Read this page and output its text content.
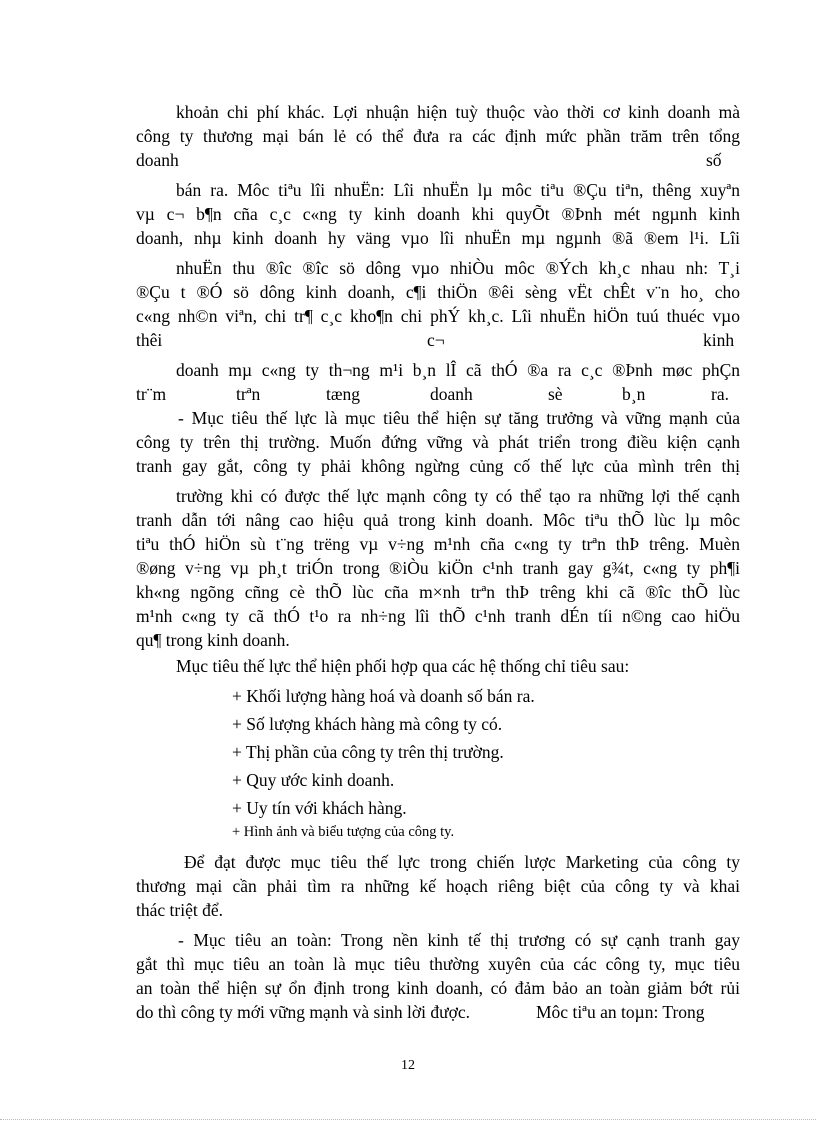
khoản chi phí khác. Lợi nhuận hiện tuỳ thuộc vào thời cơ kinh doanh mà
công ty thương mại bán lẻ có thể đưa ra các định mức phần trăm trên tổng
doanh	số
bán ra. Môc tiªu lîi nhuËn: Lîi nhuËn lµ môc tiªu ®Çu tiªn, thêng xuyªn
vµ c¬ b¶n cña c¸c c«ng ty kinh doanh khi quyÕt ®Þnh mét ngµnh kinh
doanh, nhµ kinh doanh hy väng vµo lîi nhuËn mµ ngµnh ®ã ®em l¹i. Lîi
nhuËn thu ®îc ®îc sö dông vµo nhiÒu môc ®Ých kh¸c nhau nh: T¸i
®Çu t ®Ó sö dông kinh doanh, c¶i thiÖn ®êi sèng vËt chÊt v¨n ho¸ cho
c«ng nh©n viªn, chi tr¶ c¸c kho¶n chi phÝ kh¸c. Lîi nhuËn hiÖn tuú thuéc vµo
thêi	c¬	kinh
doanh mµ c«ng ty th¬ng m¹i b¸n lÎ cã thÓ ®a ra c¸c ®Þnh møc phÇn
tr¨m	trªn	tæng	doanh	sè	b¸n	ra.
- Mục tiêu thế lực là mục tiêu thể hiện sự tăng trưởng và vững mạnh của
công ty trên thị trường. Muốn đứng vững và phát triển trong điều kiện cạnh
tranh gay gắt, công ty phải không ngừng củng cố thế lực của mình trên thị
trường khi có được thế lực mạnh công ty có thể tạo ra những lợi thế cạnh
tranh dẫn tới nâng cao hiệu quả trong kinh doanh. Môc tiªu thÕ lùc lµ môc
tiªu thÓ hiÖn sù t¨ng trëng vµ v÷ng m¹nh cña c«ng ty trªn thÞ trêng. Muèn
®øng v÷ng vµ ph¸t triÓn trong ®iÒu kiÖn c¹nh tranh gay g¾t, c«ng ty ph¶i
kh«ng ngõng cñng cè thÕ lùc cña m×nh trªn thÞ trêng khi cã ®îc thÕ lùc
m¹nh c«ng ty cã thÓ t¹o ra nh÷ng lîi thÕ c¹nh tranh dÉn tíi n©ng cao hiÖu
qu¶ trong kinh doanh.
Mục tiêu thế lực thể hiện phối hợp qua các hệ thống chỉ tiêu sau:
+ Khối lượng hàng hoá và doanh số bán ra.
+ Số lượng khách hàng mà công ty có.
+ Thị phần của công ty trên thị trường.
+ Quy ước kinh doanh.
+ Uy tín với khách hàng.
+ Hình ảnh và biểu tượng của công ty.
Để đạt được mục tiêu thế lực trong chiến lược Marketing của công ty
thương mại cần phải tìm ra những kế hoạch riêng biệt của công ty và khai
thác triệt để.
- Mục tiêu an toàn: Trong nền kinh tế thị trương có sự cạnh tranh gay
gắt thì mục tiêu an toàn là mục tiêu thường xuyên của các công ty, mục tiêu
an toàn thể hiện sự ổn định trong kinh doanh, có đảm bảo an toàn giảm bớt rủi
do thì công ty mới vững mạnh và sinh lời được.	Môc tiªu an toµn: Trong
12
